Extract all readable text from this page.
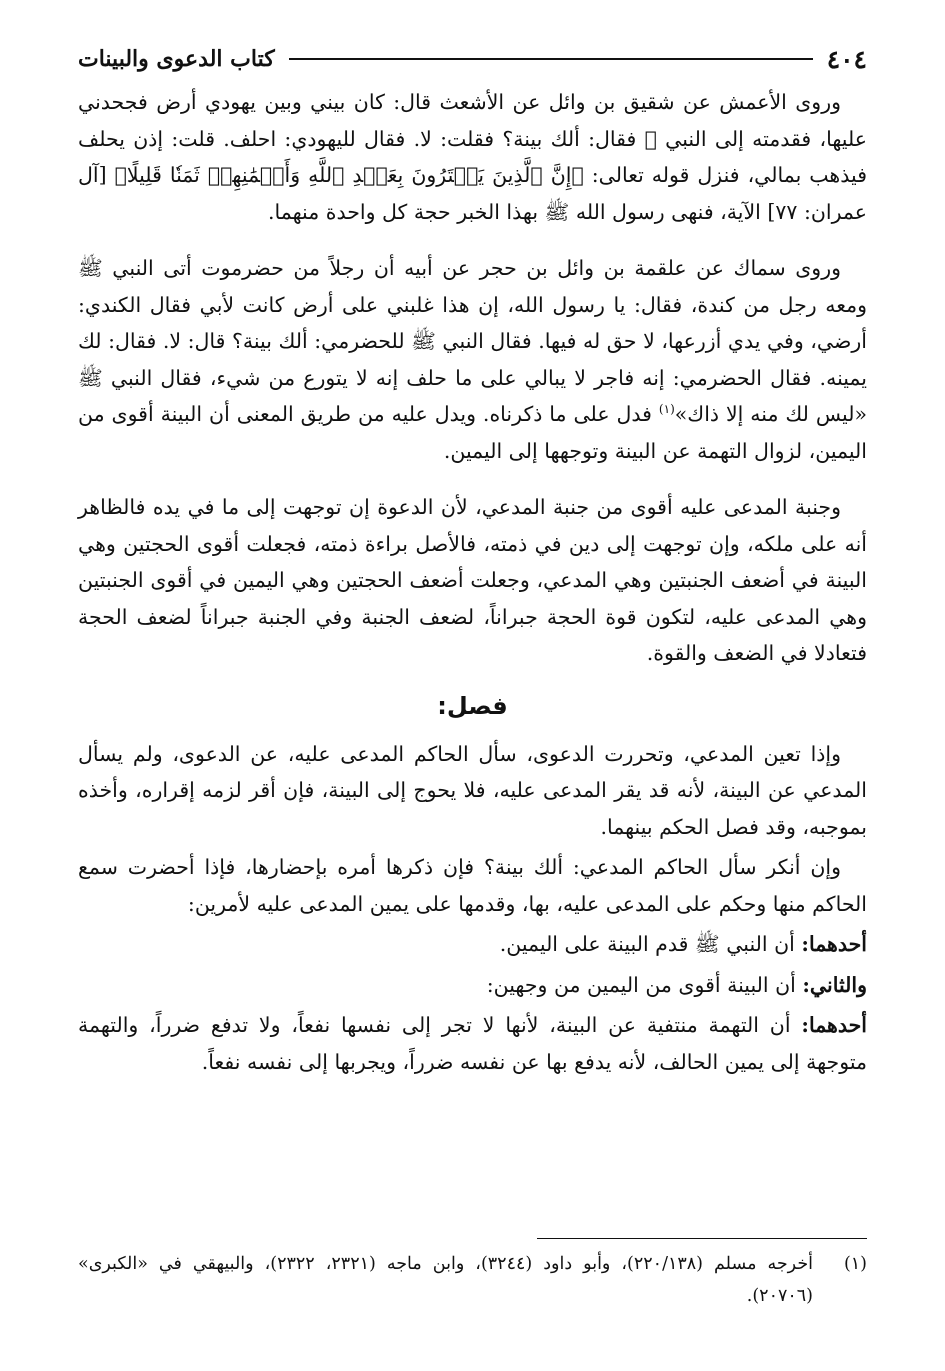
٤٠٤
كتاب الدعوى والبينات

وروى الأعمش عن شقيق بن وائل عن الأشعث قال: كان بيني وبين يهودي أرض فجحدني عليها، فقدمته إلى النبي ﷺ فقال: ألك بينة؟ فقلت: لا. فقال لليهودي: احلف. قلت: إذن يحلف فيذهب بمالي، فنزل قوله تعالى: ﴿إِنَّ ٱلَّذِينَ يَشۡتَرُونَ بِعَهۡدِ ٱللَّهِ وَأَيۡمَٰنِهِمۡ ثَمَنٗا قَلِيلًا﴾ [آل عمران: ٧٧] الآية، فنهى رسول الله ﷺ بهذا الخبر حجة كل واحدة منهما.

وروى سماك عن علقمة بن وائل بن حجر عن أبيه أن رجلاً من حضرموت أتى النبي ﷺ ومعه رجل من كندة، فقال: يا رسول الله، إن هذا غلبني على أرض كانت لأبي فقال الكندي: أرضي، وفي يدي أزرعها، لا حق له فيها. فقال النبي ﷺ للحضرمي: ألك بينة؟ قال: لا. فقال: لك يمينه. فقال الحضرمي: إنه فاجر لا يبالي على ما حلف إنه لا يتورع من شيء، فقال النبي ﷺ «ليس لك منه إلا ذاك»$^{(١)}$ فدل على ما ذكرناه. ويدل عليه من طريق المعنى أن البينة أقوى من اليمين، لزوال التهمة عن البينة وتوجهها إلى اليمين.

وجنبة المدعى عليه أقوى من جنبة المدعي، لأن الدعوة إن توجهت إلى ما في يده فالظاهر أنه على ملكه، وإن توجهت إلى دين في ذمته، فالأصل براءة ذمته، فجعلت أقوى الحجتين وهي البينة في أضعف الجنبتين وهي المدعي، وجعلت أضعف الحجتين وهي اليمين في أقوى الجنبتين وهي المدعى عليه، لتكون قوة الحجة جبراناً، لضعف الجنبة وفي الجنبة جبراناً لضعف الحجة فتعادلا في الضعف والقوة.

فصل:

وإذا تعين المدعي، وتحررت الدعوى، سأل الحاكم المدعى عليه، عن الدعوى، ولم يسأل المدعي عن البينة، لأنه قد يقر المدعى عليه، فلا يحوج إلى البينة، فإن أقر لزمه إقراره، وأخذه بموجبه، وقد فصل الحكم بينهما.

وإن أنكر سأل الحاكم المدعي: ألك بينة؟ فإن ذكرها أمره بإحضارها، فإذا أحضرت سمع الحاكم منها وحكم على المدعى عليه، بها، وقدمها على يمين المدعى عليه لأمرين:

أحدهما: أن النبي ﷺ قدم البينة على اليمين.

والثاني: أن البينة أقوى من اليمين من وجهين:

أحدهما: أن التهمة منتفية عن البينة، لأنها لا تجر إلى نفسها نفعاً، ولا تدفع ضرراً، والتهمة متوجهة إلى يمين الحالف، لأنه يدفع بها عن نفسه ضرراً، ويجربها إلى نفسه نفعاً.

(١)
أخرجه مسلم (٢٢٠/١٣٨)، وأبو داود (٣٢٤٤)، وابن ماجه (٢٣٢١، ٢٣٢٢)، والبيهقي في «الكبرى» (٢٠٧٠٦).
